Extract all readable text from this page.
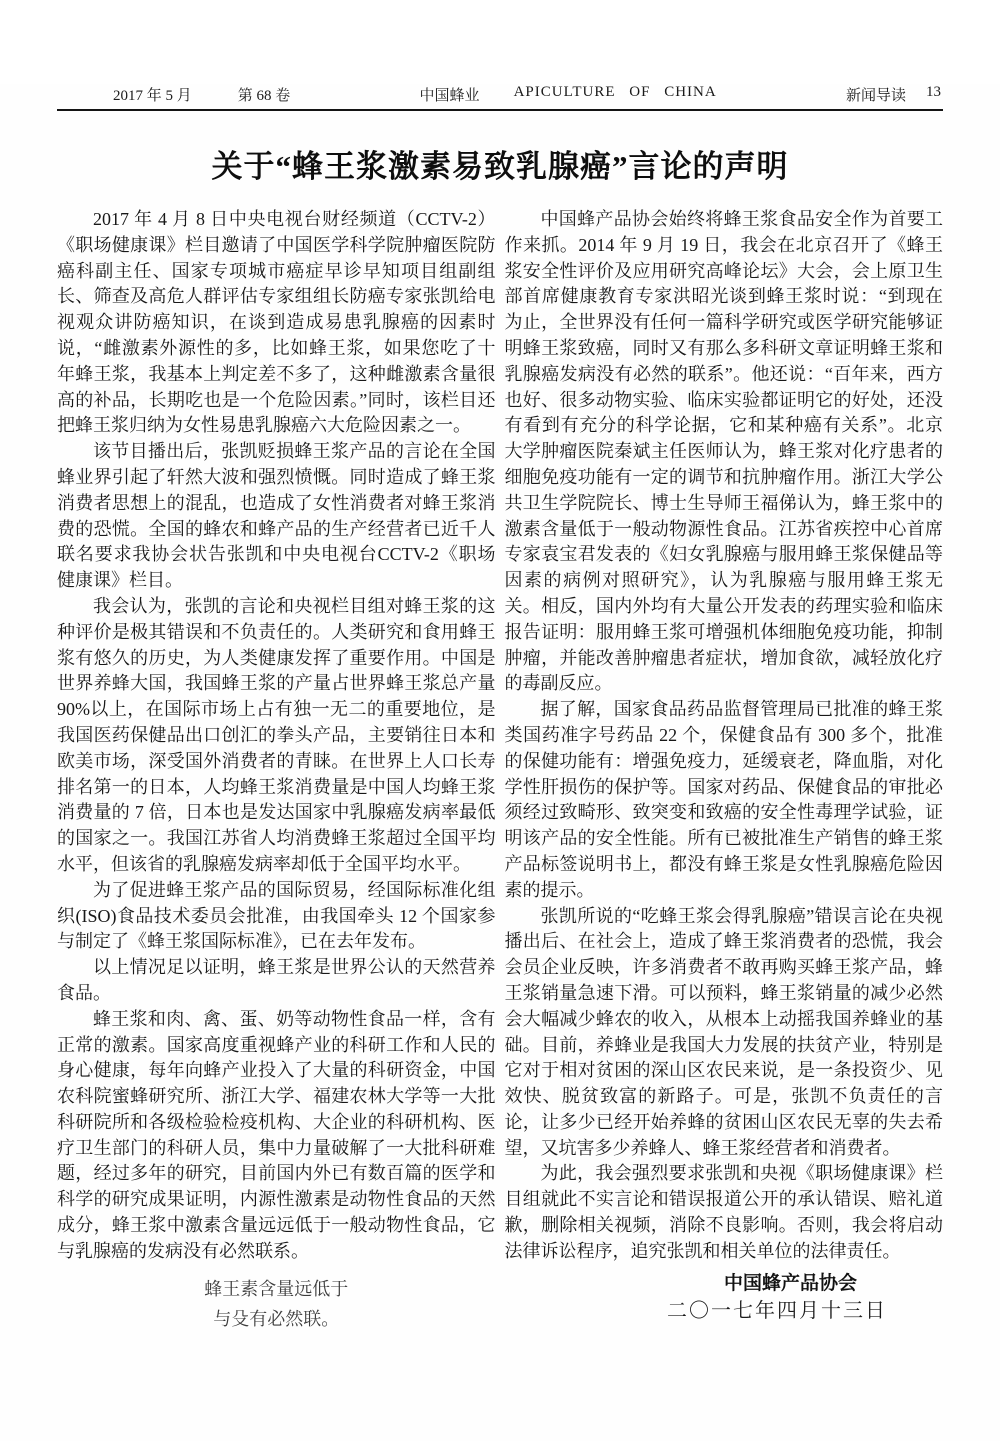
2017 年 5 月	第 68 卷	中国蜂业 APICULTURE OF CHINA	新闻导读 13
关于“蜂王浆激素易致乳腺癌”言论的声明

2017 年 4 月 8 日中央电视台财经频道（CCTV-2）《职场健康课》栏目邀请了中国医学科学院肿瘤医院防癌科副主任、国家专项城市癌症早诊早知项目组副组长、筛查及高危人群评估专家组组长防癌专家张凯给电视观众讲防癌知识，在谈到造成易患乳腺癌的因素时说，“雌激素外源性的多，比如蜂王浆，如果您吃了十年蜂王浆，我基本上判定差不多了，这种雌激素含量很高的补品，长期吃也是一个危险因素。”同时，该栏目还把蜂王浆归纳为女性易患乳腺癌六大危险因素之一。

该节目播出后，张凯贬损蜂王浆产品的言论在全国蜂业界引起了轩然大波和强烈愤慨。同时造成了蜂王浆消费者思想上的混乱，也造成了女性消费者对蜂王浆消费的恐慌。全国的蜂农和蜂产品的生产经营者已近千人联名要求我协会状告张凯和中央电视台CCTV-2《职场健康课》栏目。

我会认为，张凯的言论和央视栏目组对蜂王浆的这种评价是极其错误和不负责任的。人类研究和食用蜂王浆有悠久的历史，为人类健康发挥了重要作用。中国是世界养蜂大国，我国蜂王浆的产量占世界蜂王浆总产量 90%以上，在国际市场上占有独一无二的重要地位，是我国医药保健品出口创汇的拳头产品，主要销往日本和欧美市场，深受国外消费者的青睐。在世界上人口长寿排名第一的日本，人均蜂王浆消费量是中国人均蜂王浆消费量的 7 倍，日本也是发达国家中乳腺癌发病率最低的国家之一。我国江苏省人均消费蜂王浆超过全国平均水平，但该省的乳腺癌发病率却低于全国平均水平。

为了促进蜂王浆产品的国际贸易，经国际标准化组织(ISO)食品技术委员会批准，由我国牵头 12 个国家参与制定了《蜂王浆国际标准》，已在去年发布。

以上情况足以证明，蜂王浆是世界公认的天然营养食品。

蜂王浆和肉、禽、蛋、奶等动物性食品一样，含有正常的激素。国家高度重视蜂产业的科研工作和人民的身心健康，每年向蜂产业投入了大量的科研资金，中国农科院蜜蜂研究所、浙江大学、福建农林大学等一大批科研院所和各级检验检疫机构、大企业的科研机构、医疗卫生部门的科研人员，集中力量破解了一大批科研难题，经过多年的研究，目前国内外已有数百篇的医学和科学的研究成果证明，内源性激素是动物性食品的天然成分，蜂王浆中激素含量远远低于一般动物性食品，它与乳腺癌的发病没有必然联系。

蜂王素含量远低于

与殳有必然联。

中国蜂产品协会始终将蜂王浆食品安全作为首要工作来抓。2014 年 9 月 19 日，我会在北京召开了《蜂王浆安全性评价及应用研究高峰论坛》大会，会上原卫生部首席健康教育专家洪昭光谈到蜂王浆时说：“到现在为止，全世界没有任何一篇科学研究或医学研究能够证明蜂王浆致癌，同时又有那么多科研文章证明蜂王浆和乳腺癌发病没有必然的联系”。他还说：“百年来，西方也好、很多动物实验、临床实验都证明它的好处，还没有看到有充分的科学论据，它和某种癌有关系”。北京大学肿瘤医院秦斌主任医师认为，蜂王浆对化疗患者的细胞免疫功能有一定的调节和抗肿瘤作用。浙江大学公共卫生学院院长、博士生导师王福俤认为，蜂王浆中的激素含量低于一般动物源性食品。江苏省疾控中心首席专家袁宝君发表的《妇女乳腺癌与服用蜂王浆保健品等因素的病例对照研究》，认为乳腺癌与服用蜂王浆无关。相反，国内外均有大量公开发表的药理实验和临床报告证明：服用蜂王浆可增强机体细胞免疫功能，抑制肿瘤，并能改善肿瘤患者症状，增加食欲，减轻放化疗的毒副反应。

据了解，国家食品药品监督管理局已批准的蜂王浆类国药准字号药品 22 个，保健食品有 300 多个，批准的保健功能有：增强免疫力，延缓衰老，降血脂，对化学性肝损伤的保护等。国家对药品、保健食品的审批必须经过致畸形、致突变和致癌的安全性毒理学试验，证明该产品的安全性能。所有已被批准生产销售的蜂王浆产品标签说明书上，都没有蜂王浆是女性乳腺癌危险因素的提示。

张凯所说的“吃蜂王浆会得乳腺癌”错误言论在央视播出后、在社会上，造成了蜂王浆消费者的恐慌，我会会员企业反映，许多消费者不敢再购买蜂王浆产品，蜂王浆销量急速下滑。可以预料，蜂王浆销量的减少必然会大幅减少蜂农的收入，从根本上动摇我国养蜂业的基础。目前，养蜂业是我国大力发展的扶贫产业，特别是它对于相对贫困的深山区农民来说，是一条投资少、见效快、脱贫致富的新路子。可是，张凯不负责任的言论，让多少已经开始养蜂的贫困山区农民无辜的失去希望，又坑害多少养蜂人、蜂王浆经营者和消费者。

为此，我会强烈要求张凯和央视《职场健康课》栏目组就此不实言论和错误报道公开的承认错误、赔礼道歉，删除相关视频，消除不良影响。否则，我会将启动法律诉讼程序，追究张凯和相关单位的法律责任。

中国蜂产品协会
二〇一七年四月十三日
